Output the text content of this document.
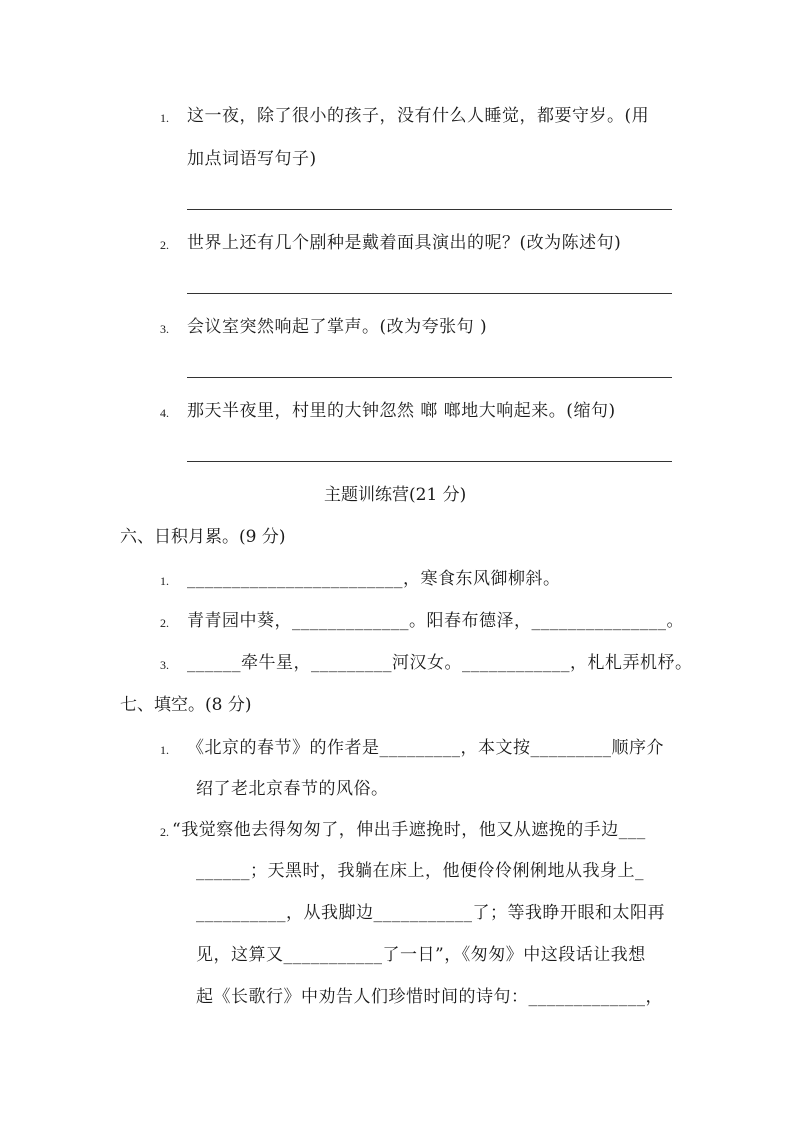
1. 这一夜，除了很小的孩子，没有什么人睡觉，都要守岁。(用
加点词语写句子)
2. 世界上还有几个剧种是戴着面具演出的呢？(改为陈述句)
3. 会议室突然响起了掌声。(改为夸张句 )
4. 那天半夜里，村里的大钟忽然 啷 啷地大响起来。(缩句)
主题训练营(21 分)
六、日积月累。(9 分)
1. ________________________，寒食东风御柳斜。
2. 青青园中葵，_____________。阳春布德泽，_______________。
3. ______牵牛星，_________河汉女。____________，札札弄机杼。
七、填空。(8 分)
1. 《北京的春节》的作者是_________，本文按_________顺序介
绍了老北京春节的风俗。
2. “我觉察他去得匆匆了，伸出手遮挽时，他又从遮挽的手边___
______；天黑时，我躺在床上，他便伶伶俐俐地从我身上_
__________，从我脚边___________了；等我睁开眼和太阳再
见，这算又___________了一日”，《匆匆》中这段话让我想
起《长歌行》中劝告人们珍惜时间的诗句：_____________，
